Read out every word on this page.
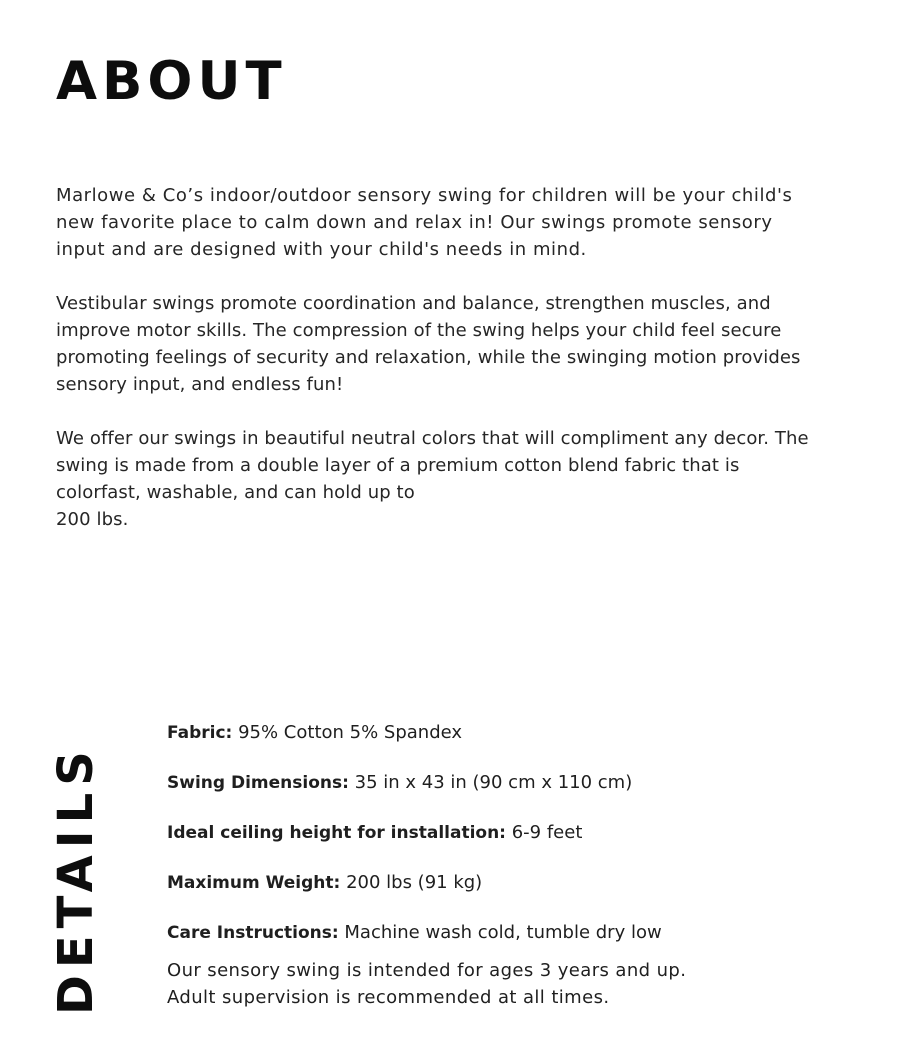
ABOUT

Marlowe & Co’s indoor/outdoor sensory swing for children will be your child's new favorite place to calm down and relax in! Our swings promote sensory input and are designed with your child's needs in mind.

Vestibular swings promote coordination and balance, strengthen muscles, and improve motor skills. The compression of the swing helps your child feel secure promoting feelings of security and relaxation, while the swinging motion provides sensory input, and endless fun!

We offer our swings in beautiful neutral colors that will compliment any decor. The swing is made from a double layer of a premium cotton blend fabric that is colorfast, washable, and can hold up to
200 lbs.

DETAILS

Fabric: 95% Cotton 5% Spandex

Swing Dimensions: 35 in x 43 in (90 cm x 110 cm)

Ideal ceiling height for installation: 6-9 feet

Maximum Weight: 200 lbs (91 kg)

Care Instructions: Machine wash cold, tumble dry low

Our sensory swing is intended for ages 3 years and up.
Adult supervision is recommended at all times.
